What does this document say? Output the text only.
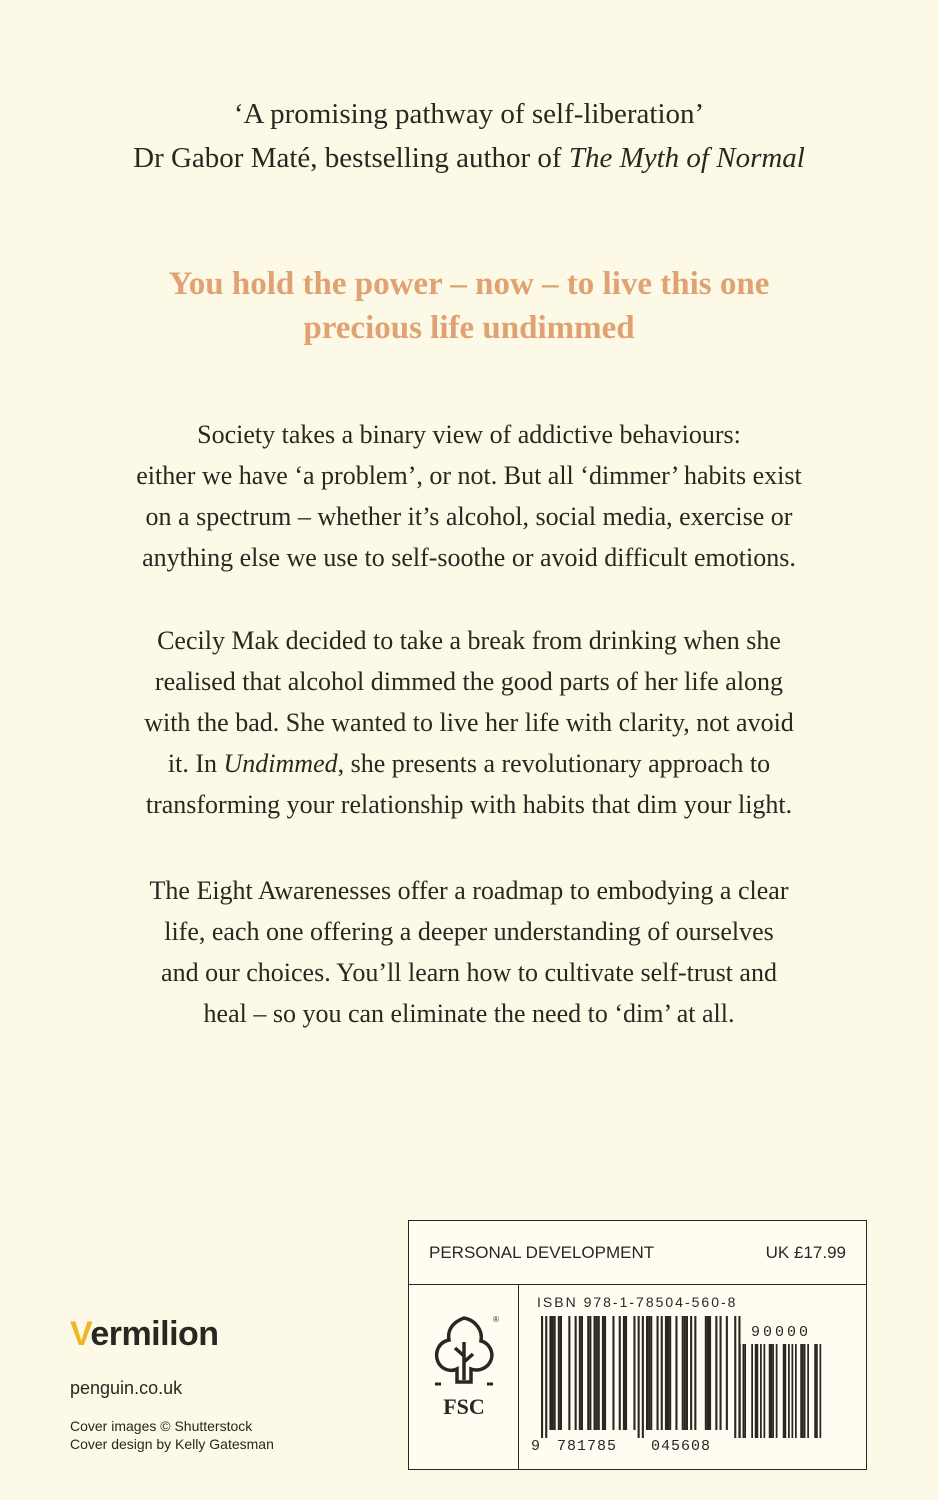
‘A promising pathway of self-liberation’
Dr Gabor Maté, bestselling author of The Myth of Normal
You hold the power – now – to live this one
precious life undimmed
Society takes a binary view of addictive behaviours:
either we have ‘a problem’, or not. But all ‘dimmer’ habits exist
on a spectrum – whether it’s alcohol, social media, exercise or
anything else we use to self-soothe or avoid difficult emotions.
Cecily Mak decided to take a break from drinking when she
realised that alcohol dimmed the good parts of her life along
with the bad. She wanted to live her life with clarity, not avoid
it. In Undimmed, she presents a revolutionary approach to
transforming your relationship with habits that dim your light.
The Eight Awarenesses offer a roadmap to embodying a clear
life, each one offering a deeper understanding of ourselves
and our choices. You’ll learn how to cultivate self-trust and
heal – so you can eliminate the need to ‘dim’ at all.
Vermilion
penguin.co.uk
Cover images © Shutterstock
Cover design by Kelly Gatesman
PERSONAL DEVELOPMENT	UK £17.99
®
FSC
ISBN 978-1-78504-560-8
9 781785 045608
90000
